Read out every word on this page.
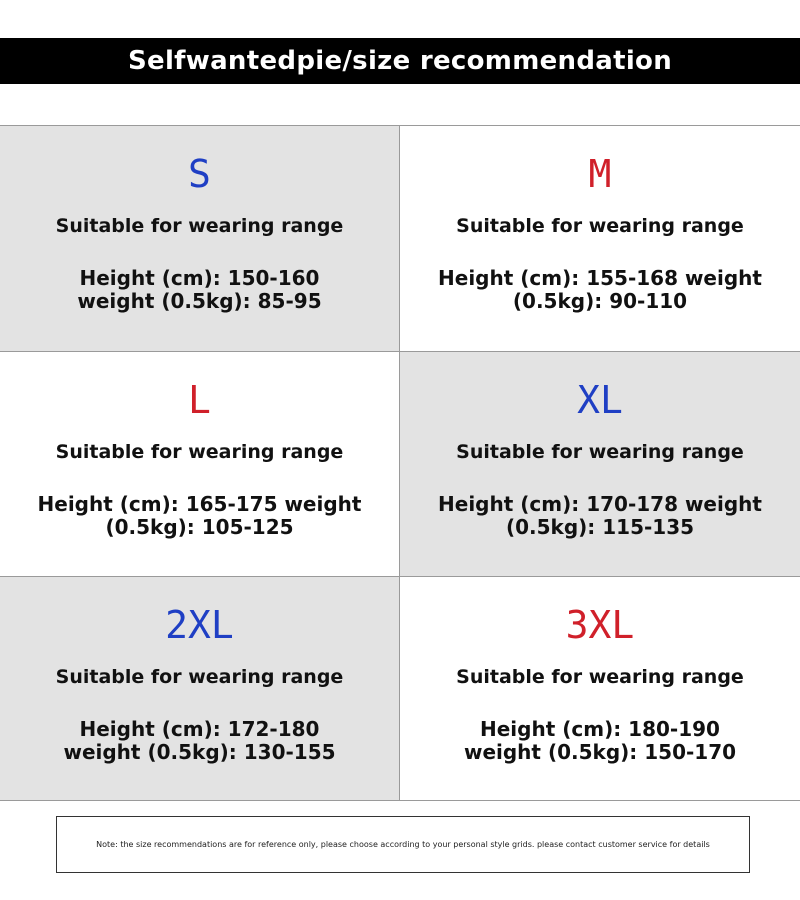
Selfwantedpie/size recommendation
S
Suitable for wearing range
Height (cm): 150-160
weight (0.5kg): 85-95
M
Suitable for wearing range
Height (cm): 155-168 weight
(0.5kg): 90-110
L
Suitable for wearing range
Height (cm): 165-175 weight
(0.5kg): 105-125
XL
Suitable for wearing range
Height (cm): 170-178 weight
(0.5kg): 115-135
2XL
Suitable for wearing range
Height (cm): 172-180
weight (0.5kg): 130-155
3XL
Suitable for wearing range
Height (cm): 180-190
weight (0.5kg): 150-170
Note: the size recommendations are for reference only, please choose according to your personal style grids. please contact customer service for details
